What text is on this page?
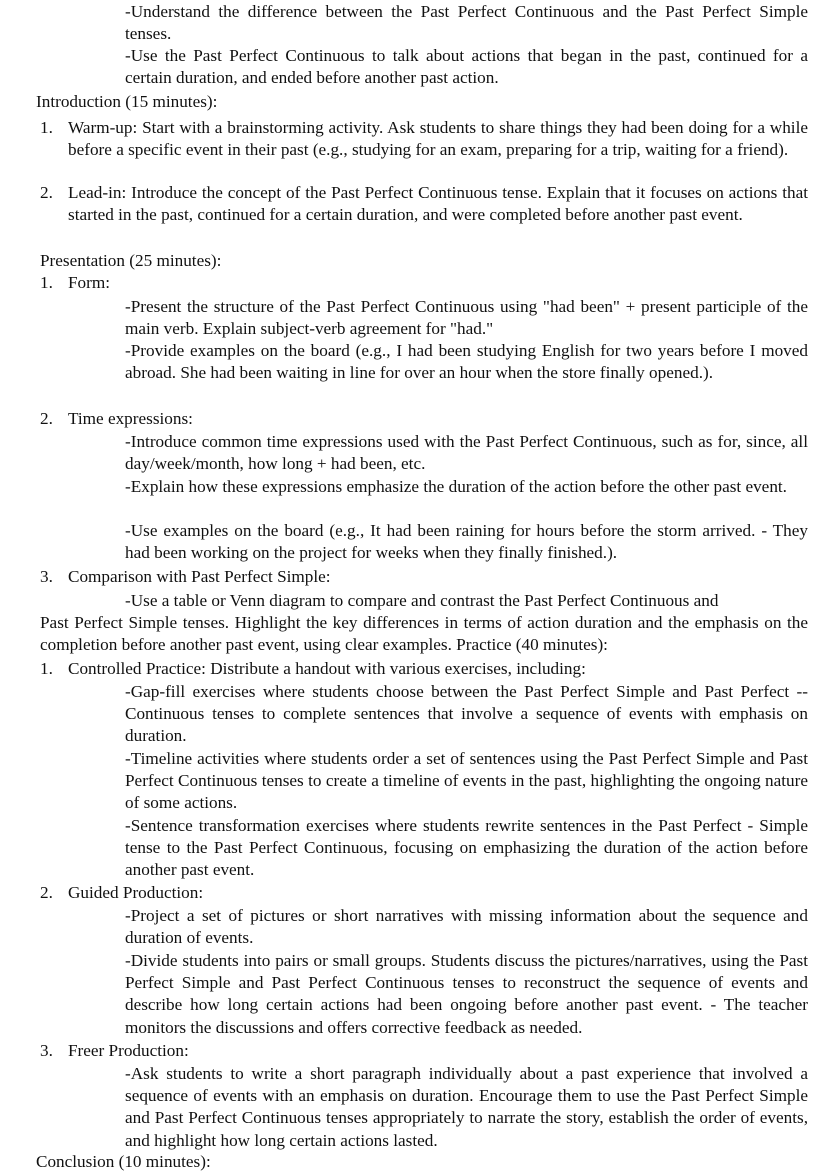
-Understand the difference between the Past Perfect Continuous and the Past Perfect Simple tenses.

-Use the Past Perfect Continuous to talk about actions that began in the past, continued for a certain duration, and ended before another past action.

Introduction (15 minutes):

1. Warm-up: Start with a brainstorming activity. Ask students to share things they had been doing for a while before a specific event in their past (e.g., studying for an exam, preparing for a trip, waiting for a friend).

2. Lead-in: Introduce the concept of the Past Perfect Continuous tense. Explain that it focuses on actions that started in the past, continued for a certain duration, and were completed before another past event.

Presentation (25 minutes):

1. Form:

-Present the structure of the Past Perfect Continuous using "had been" + present participle of the main verb. Explain subject-verb agreement for "had."

-Provide examples on the board (e.g., I had been studying English for two years before I moved abroad. She had been waiting in line for over an hour when the store finally opened.).

2. Time expressions:

-Introduce common time expressions used with the Past Perfect Continuous, such as for, since, all day/week/month, how long + had been, etc.

-Explain how these expressions emphasize the duration of the action before the other past event.

-Use examples on the board (e.g., It had been raining for hours before the storm arrived. - They had been working on the project for weeks when they finally finished.).

3. Comparison with Past Perfect Simple:

-Use a table or Venn diagram to compare and contrast the Past Perfect Continuous and

Past Perfect Simple tenses. Highlight the key differences in terms of action duration and the emphasis on the completion before another past event, using clear examples. Practice (40 minutes):

1. Controlled Practice: Distribute a handout with various exercises, including:

-Gap-fill exercises where students choose between the Past Perfect Simple and Past Perfect --Continuous tenses to complete sentences that involve a sequence of events with emphasis on duration.

-Timeline activities where students order a set of sentences using the Past Perfect Simple and Past Perfect Continuous tenses to create a timeline of events in the past, highlighting the ongoing nature of some actions.

-Sentence transformation exercises where students rewrite sentences in the Past Perfect - Simple tense to the Past Perfect Continuous, focusing on emphasizing the duration of the action before another past event.

2. Guided Production:

-Project a set of pictures or short narratives with missing information about the sequence and duration of events.

-Divide students into pairs or small groups. Students discuss the pictures/narratives, using the Past Perfect Simple and Past Perfect Continuous tenses to reconstruct the sequence of events and describe how long certain actions had been ongoing before another past event. - The teacher monitors the discussions and offers corrective feedback as needed.

3. Freer Production:

-Ask students to write a short paragraph individually about a past experience that involved a sequence of events with an emphasis on duration. Encourage them to use the Past Perfect Simple and Past Perfect Continuous tenses appropriately to narrate the story, establish the order of events, and highlight how long certain actions lasted.

Conclusion (10 minutes):
